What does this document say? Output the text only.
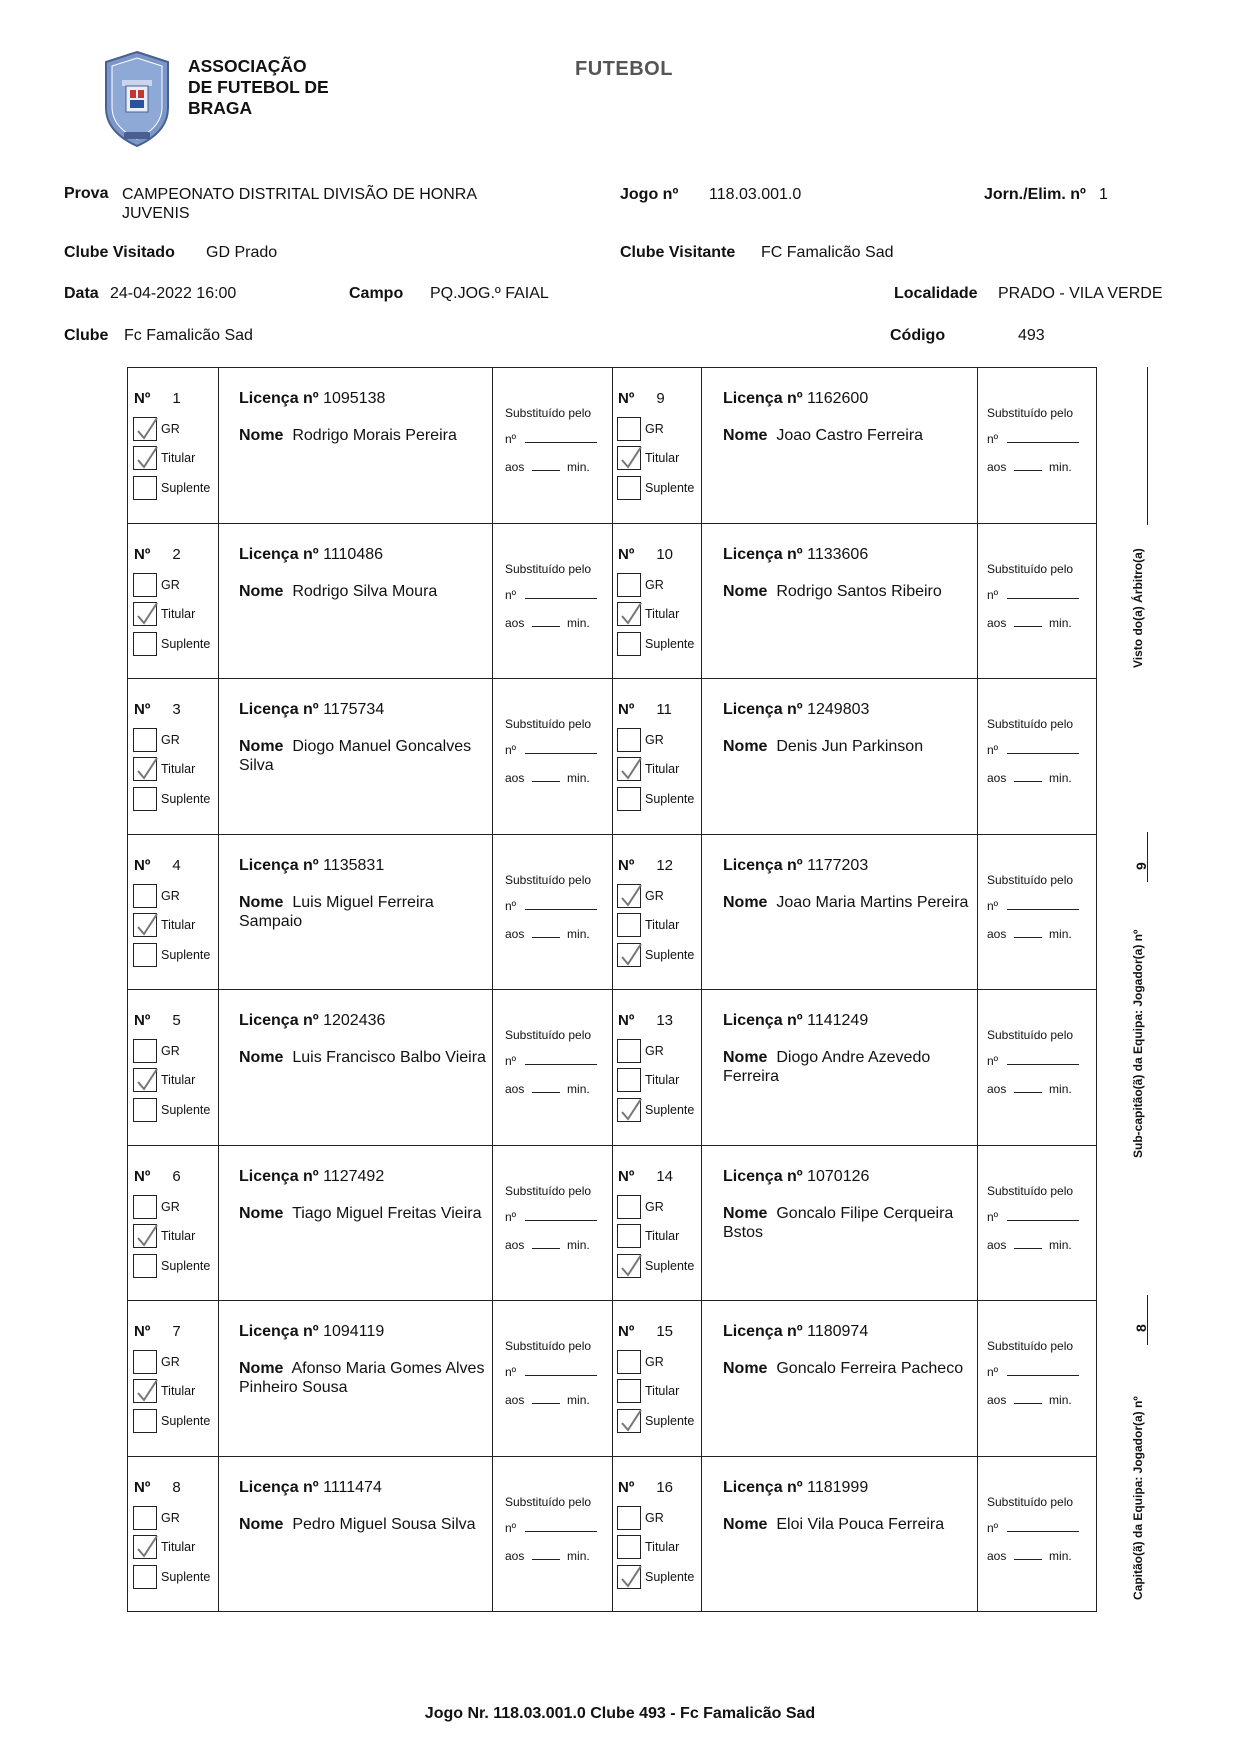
ASSOCIAÇÃO
DE FUTEBOL DE
BRAGA
FUTEBOL
Prova CAMPEONATO DISTRITAL DIVISÃO DE HONRA JUVENIS
Jogo nº 118.03.001.0	Jorn./Elim. nº 1
Clube Visitado GD Prado	Clube Visitante FC Famalicão Sad
Data 24-04-2022 16:00	Campo PQ.JOG.º FAIAL	Localidade PRADO - VILA VERDE
Clube Fc Famalicão Sad	Código	493
Nº 1
GR
Titular
Suplente
Licença nº 1095138
Nome Rodrigo Morais Pereira
Substituído pelo
nº
aos	min.
Nº 9
GR
Titular
Suplente
Licença nº 1162600
Nome Joao Castro Ferreira
Substituído pelo
nº
aos	min.
Nº 2
GR
Titular
Suplente
Licença nº 1110486
Nome Rodrigo Silva Moura
Substituído pelo
nº
aos	min.
Nº 10
GR
Titular
Suplente
Licença nº 1133606
Nome Rodrigo Santos Ribeiro
Substituído pelo
nº
aos	min.
Nº 3
GR
Titular
Suplente
Licença nº 1175734
Nome Diogo Manuel Goncalves Silva
Substituído pelo
nº
aos	min.
Nº 11
GR
Titular
Suplente
Licença nº 1249803
Nome Denis Jun Parkinson
Substituído pelo
nº
aos	min.
Nº 4
GR
Titular
Suplente
Licença nº 1135831
Nome Luis Miguel Ferreira Sampaio
Substituído pelo
nº
aos	min.
Nº 12
GR
Titular
Suplente
Licença nº 1177203
Nome Joao Maria Martins Pereira
Substituído pelo
nº
aos	min.
Nº 5
GR
Titular
Suplente
Licença nº 1202436
Nome Luis Francisco Balbo Vieira
Substituído pelo
nº
aos	min.
Nº 13
GR
Titular
Suplente
Licença nº 1141249
Nome Diogo Andre Azevedo Ferreira
Substituído pelo
nº
aos	min.
Nº 6
GR
Titular
Suplente
Licença nº 1127492
Nome Tiago Miguel Freitas Vieira
Substituído pelo
nº
aos	min.
Nº 14
GR
Titular
Suplente
Licença nº 1070126
Nome Goncalo Filipe Cerqueira Bstos
Substituído pelo
nº
aos	min.
Nº 7
GR
Titular
Suplente
Licença nº 1094119
Nome Afonso Maria Gomes Alves Pinheiro Sousa
Substituído pelo
nº
aos	min.
Nº 15
GR
Titular
Suplente
Licença nº 1180974
Nome Goncalo Ferreira Pacheco
Substituído pelo
nº
aos	min.
Nº 8
GR
Titular
Suplente
Licença nº 1111474
Nome Pedro Miguel Sousa Silva
Substituído pelo
nº
aos	min.
Nº 16
GR
Titular
Suplente
Licença nº 1181999
Nome Eloi Vila Pouca Ferreira
Substituído pelo
nº
aos	min.
Visto do(a) Árbitro(a)
9
Sub-capitão(ã) da Equipa: Jogador(a) nº
8
Capitão(ã) da Equipa: Jogador(a) nº
Jogo Nr. 118.03.001.0 Clube 493 - Fc Famalicão Sad
